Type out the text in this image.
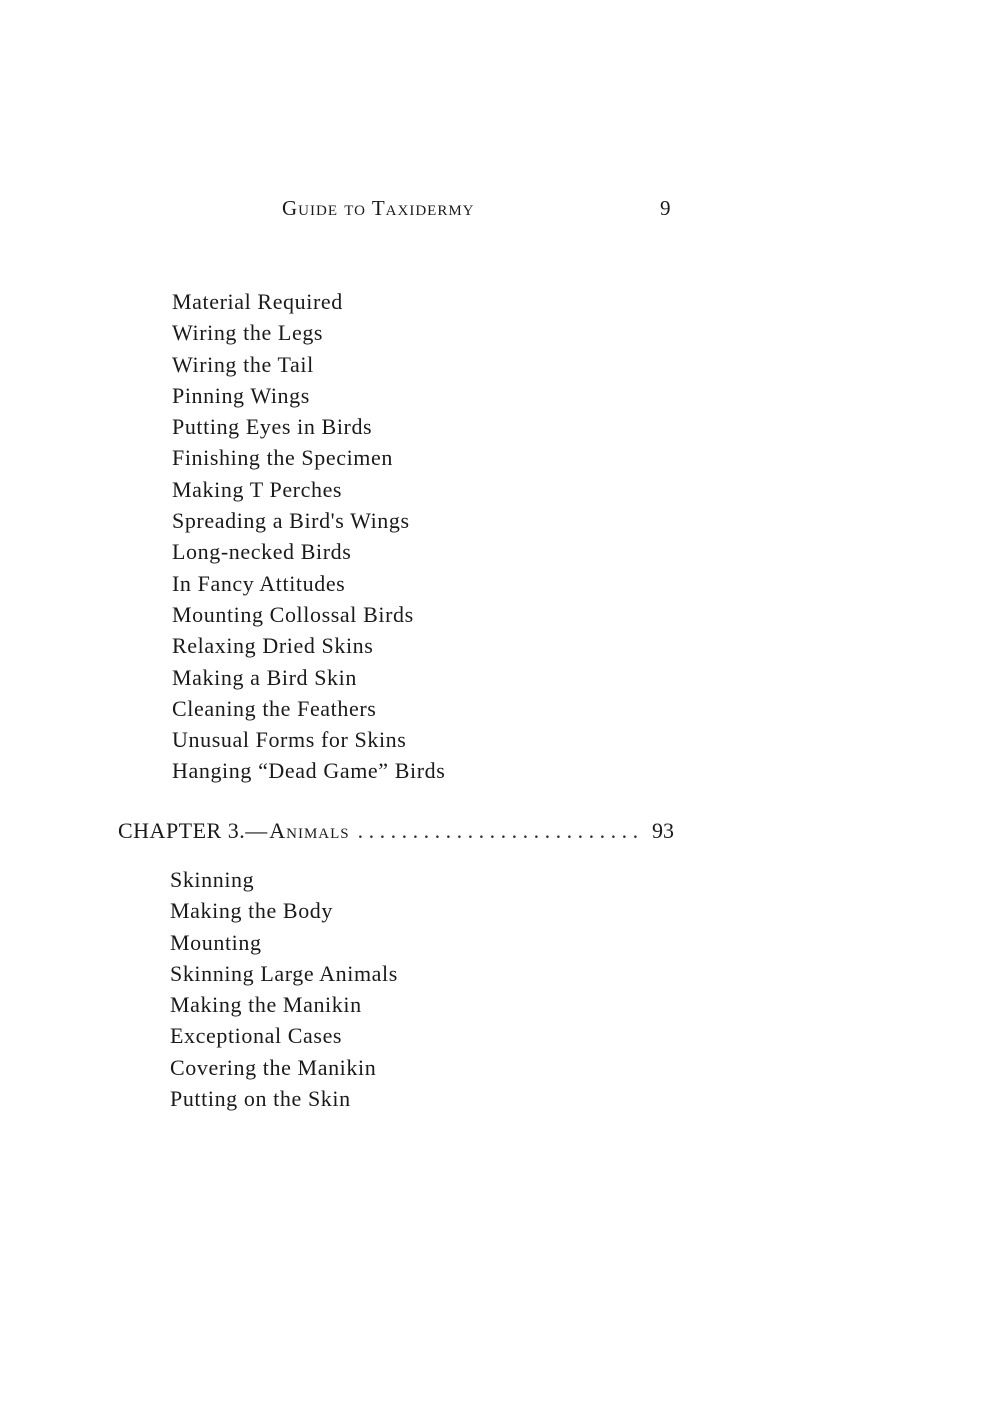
Guide to Taxidermy	9
Material Required
Wiring the Legs
Wiring the Tail
Pinning Wings
Putting Eyes in Birds
Finishing the Specimen
Making T Perches
Spreading a Bird's Wings
Long-necked Birds
In Fancy Attitudes
Mounting Collossal Birds
Relaxing Dried Skins
Making a Bird Skin
Cleaning the Feathers
Unusual Forms for Skins
Hanging “Dead Game” Birds
CHAPTER 3. — Animals
. . .	93
Skinning
Making the Body
Mounting
Skinning Large Animals
Making the Manikin
Exceptional Cases
Covering the Manikin
Putting on the Skin
